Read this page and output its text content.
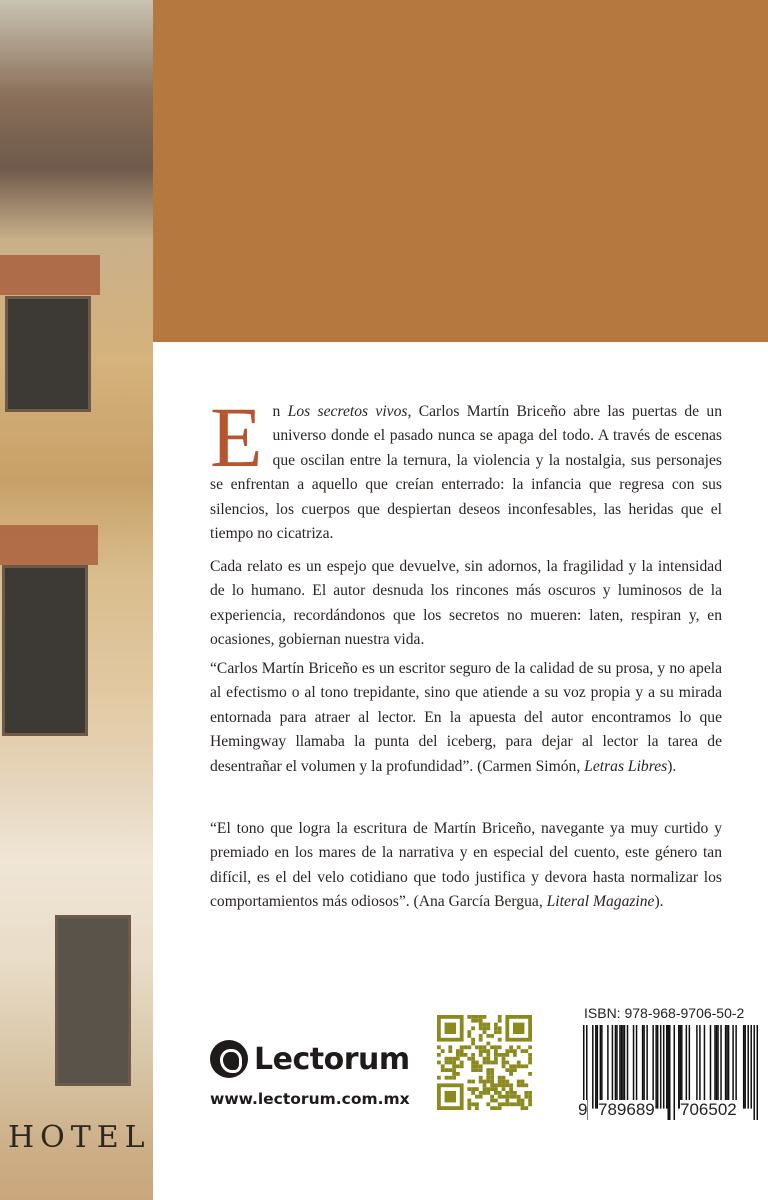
HOTEL
E n Los secretos vivos, Carlos Martín Briceño abre las puertas de un universo donde el pasado nunca se apaga del todo. A través de escenas que oscilan entre la ternura, la violencia y la nostalgia, sus personajes se enfrentan a aquello que creían enterrado: la infancia que regresa con sus silencios, los cuerpos que despiertan deseos inconfesables, las heridas que el tiempo no cicatriza.

Cada relato es un espejo que devuelve, sin adornos, la fragilidad y la intensidad de lo humano. El autor desnuda los rincones más oscuros y luminosos de la experiencia, recordándonos que los secretos no mueren: laten, respiran y, en ocasiones, gobiernan nuestra vida.

“Carlos Martín Briceño es un escritor seguro de la calidad de su prosa, y no apela al efectismo o al tono trepidante, sino que atiende a su voz propia y a su mirada entornada para atraer al lector. En la apuesta del autor encontramos lo que Hemingway llamaba la punta del iceberg, para dejar al lector la tarea de desentrañar el volumen y la profundidad”. (Carmen Simón, Letras Libres).

“El tono que logra la escritura de Martín Briceño, navegante ya muy curtido y premiado en los mares de la narrativa y en especial del cuento, este género tan difícil, es el del velo cotidiano que todo justifica y devora hasta normalizar los comportamientos más odiosos”. (Ana García Bergua, Literal Magazine).

Lectorum
www.lectorum.com.mx
ISBN: 978-968-9706-50-2
9 789689 706502
